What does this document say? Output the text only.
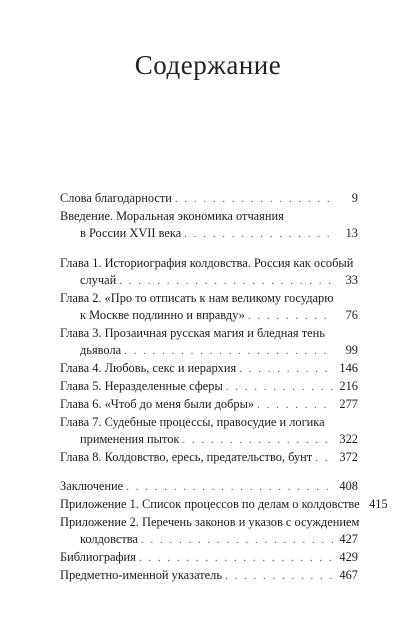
Содержание
Слова благодарности . . .	9
Введение. Моральная экономика отчаяния
в России XVII века . . .	13
Глава 1. Историография колдовства. Россия как особый
случай . . .	33
Глава 2. «Про то отписать к нам великому государю
к Москве подлинно и вправду» . . .	76
Глава 3. Прозаичная русская магия и бледная тень
дьявола . . .	99
Глава 4. Любовь, секс и иерархия . . .	146
Глава 5. Неразделенные сферы . . .	216
Глава 6. «Чтоб до меня были добры» . . .	277
Глава 7. Судебные процессы, правосудие и логика
применения пыток . . .	322
Глава 8. Колдовство, ересь, предательство, бунт . . . 372
Заключение . . .	408
Приложение 1. Список процессов по делам о колдовстве 415
Приложение 2. Перечень законов и указов с осуждением
колдовства . . .	427
Библиография . . .	429
Предметно-именной указатель . . .	467
